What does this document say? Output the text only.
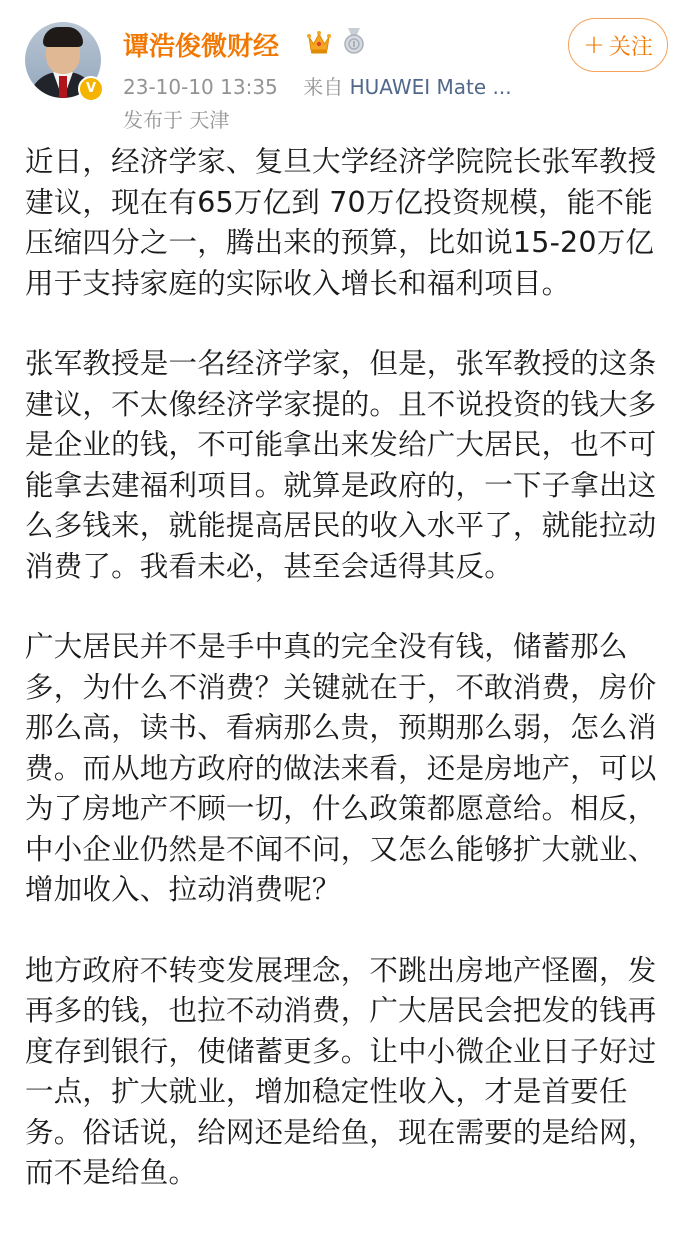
V
谭浩俊微财经
23-10-10 13:35 来自 HUAWEI Mate ...
发布于 天津
+ 关注

近日，经济学家、复旦大学经济学院院长张军教授
建议，现在有65万亿到 70万亿投资规模，能不能
压缩四分之一，腾出来的预算，比如说15-20万亿
用于支持家庭的实际收入增长和福利项目。

张军教授是一名经济学家，但是，张军教授的这条
建议，不太像经济学家提的。且不说投资的钱大多
是企业的钱，不可能拿出来发给广大居民，也不可
能拿去建福利项目。就算是政府的，一下子拿出这
么多钱来，就能提高居民的收入水平了，就能拉动
消费了。我看未必，甚至会适得其反。

广大居民并不是手中真的完全没有钱，储蓄那么
多，为什么不消费？关键就在于，不敢消费，房价
那么高，读书、看病那么贵，预期那么弱，怎么消
费。而从地方政府的做法来看，还是房地产，可以
为了房地产不顾一切，什么政策都愿意给。相反，
中小企业仍然是不闻不问，又怎么能够扩大就业、
增加收入、拉动消费呢？

地方政府不转变发展理念，不跳出房地产怪圈，发
再多的钱，也拉不动消费，广大居民会把发的钱再
度存到银行，使储蓄更多。让中小微企业日子好过
一点，扩大就业，增加稳定性收入，才是首要任
务。俗话说，给网还是给鱼，现在需要的是给网，
而不是给鱼。
